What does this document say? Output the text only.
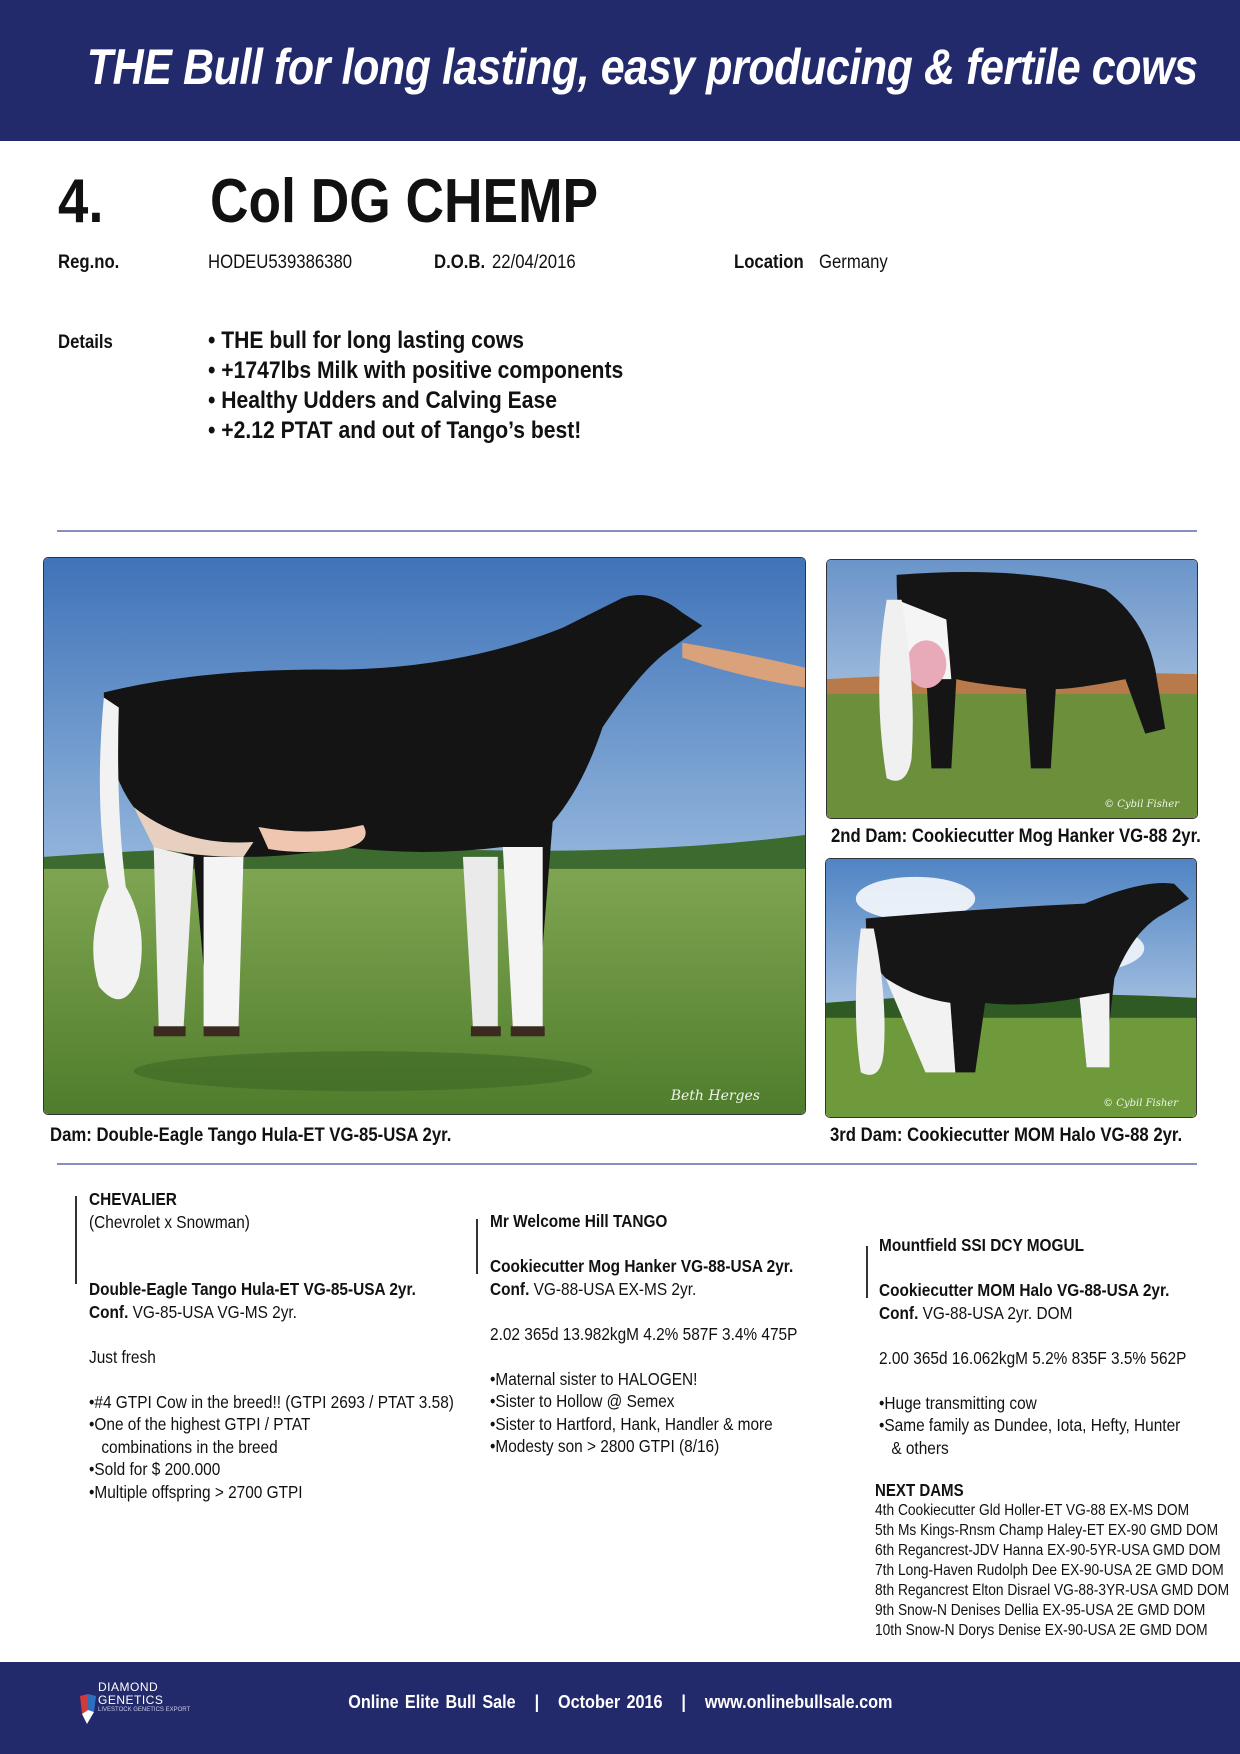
THE Bull for long lasting, easy producing & fertile cows
4. Col DG CHEMP
Reg.no.	HODEU539386380	D.O.B. 22/04/2016	Location Germany
Details
•	THE bull for long lasting cows
• +1747lbs Milk with positive components
• Healthy Udders and Calving Ease
• +2.12 PTAT and out of Tango’s best!
Beth Herges
© Cybil Fisher
© Cybil Fisher
Dam: Double-Eagle Tango Hula-ET VG-85-USA 2yr.
2nd Dam: Cookiecutter Mog Hanker VG-88 2yr.
3rd Dam: Cookiecutter MOM Halo VG-88 2yr.
CHEVALIER
(Chevrolet x Snowman)
Double-Eagle Tango Hula-ET VG-85-USA 2yr.
Conf. VG-85-USA VG-MS 2yr.
Just fresh
• #4 GTPI Cow in the breed!! (GTPI 2693 / PTAT 3.58)
• One of the highest GTPI / PTAT combinations in the breed
• Sold for $ 200.000
• Multiple offspring > 2700 GTPI
Mr Welcome Hill TANGO
Cookiecutter Mog Hanker VG-88-USA 2yr.
Conf. VG-88-USA EX-MS 2yr.
2.02 365d 13.982kgM 4.2% 587F 3.4% 475P
• Maternal sister to HALOGEN!
• Sister to Hollow @ Semex
• Sister to Hartford, Hank, Handler & more
• Modesty son > 2800 GTPI (8/16)
Mountfield SSI DCY MOGUL
Cookiecutter MOM Halo VG-88-USA 2yr.
Conf. VG-88-USA 2yr. DOM
2.00 365d 16.062kgM 5.2% 835F 3.5% 562P
• Huge transmitting cow
• Same family as Dundee, Iota, Hefty, Hunter & others
NEXT DAMS
4th Cookiecutter Gld Holler-ET VG-88 EX-MS DOM
5th Ms Kings-Rnsm Champ Haley-ET EX-90 GMD DOM
6th Regancrest-JDV Hanna EX-90-5YR-USA GMD DOM
7th Long-Haven Rudolph Dee EX-90-USA 2E GMD DOM
8th Regancrest Elton Disrael VG-88-3YR-USA GMD DOM
9th Snow-N Denises Dellia EX-95-USA 2E GMD DOM
10th Snow-N Dorys Denise EX-90-USA 2E GMD DOM
DIAMOND
GENETICS
LIVESTOCK GENETICS EXPORT	Online Elite Bull Sale | October 2016 | www.onlinebullsale.com
